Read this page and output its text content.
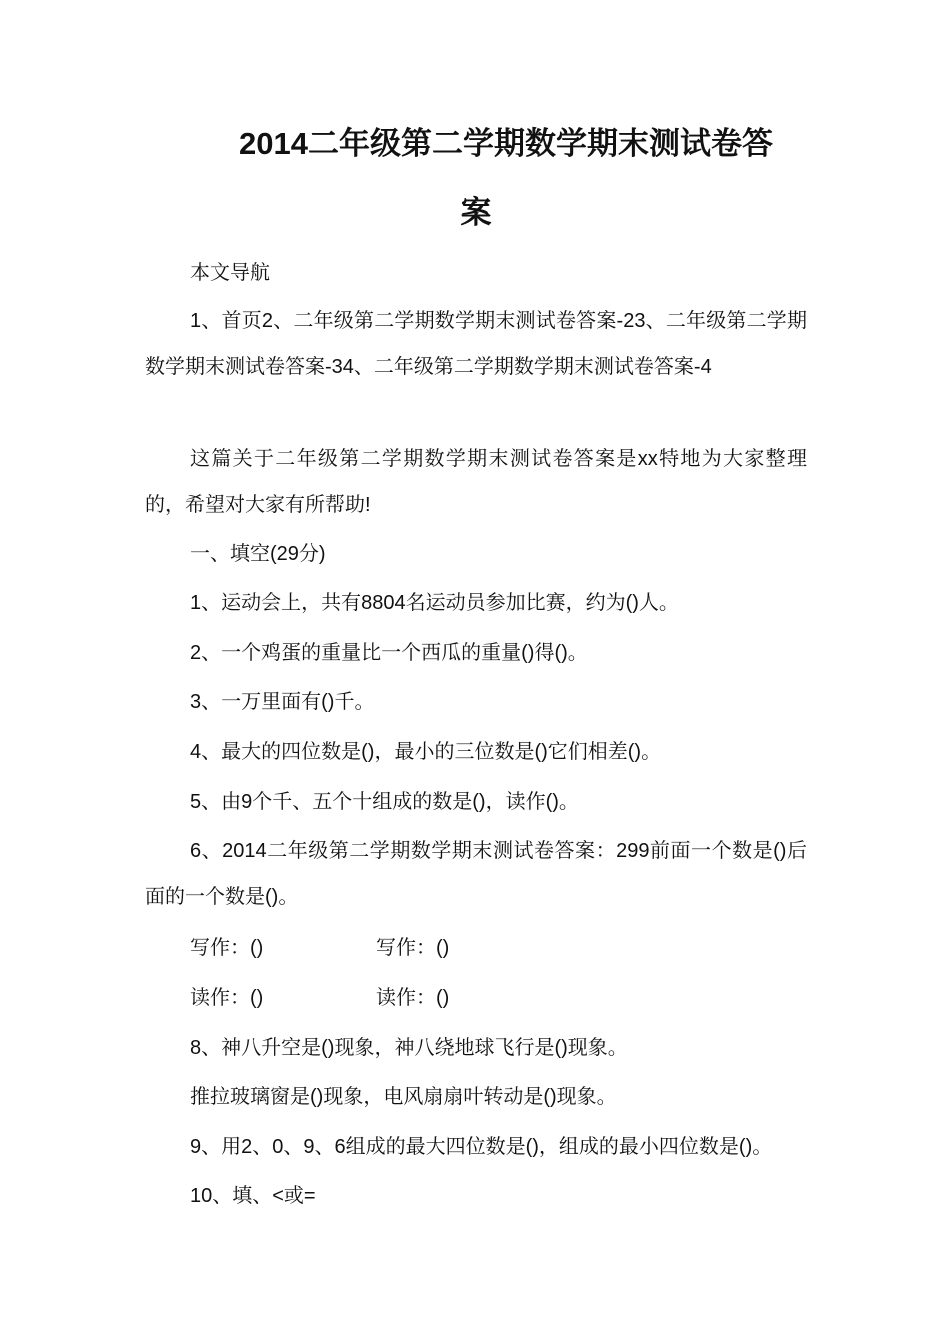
2014二年级第二学期数学期末测试卷答
案

本文导航

1、首页2、二年级第二学期数学期末测试卷答案-23、二年级第二学期数学期末测试卷答案-34、二年级第二学期数学期末测试卷答案-4

这篇关于二年级第二学期数学期末测试卷答案是xx特地为大家整理的，希望对大家有所帮助!

一、填空(29分)

1、运动会上，共有8804名运动员参加比赛，约为()人。

2、一个鸡蛋的重量比一个西瓜的重量()得()。

3、一万里面有()千。

4、最大的四位数是()，最小的三位数是()它们相差()。

5、由9个千、五个十组成的数是()，读作()。

6、2014二年级第二学期数学期末测试卷答案：299前面一个数是()后面的一个数是()。

写作：()	写作：()
读作：()	读作：()

8、神八升空是()现象，神八绕地球飞行是()现象。

推拉玻璃窗是()现象，电风扇扇叶转动是()现象。

9、用2、0、9、6组成的最大四位数是()，组成的最小四位数是()。

10、填、<或=
